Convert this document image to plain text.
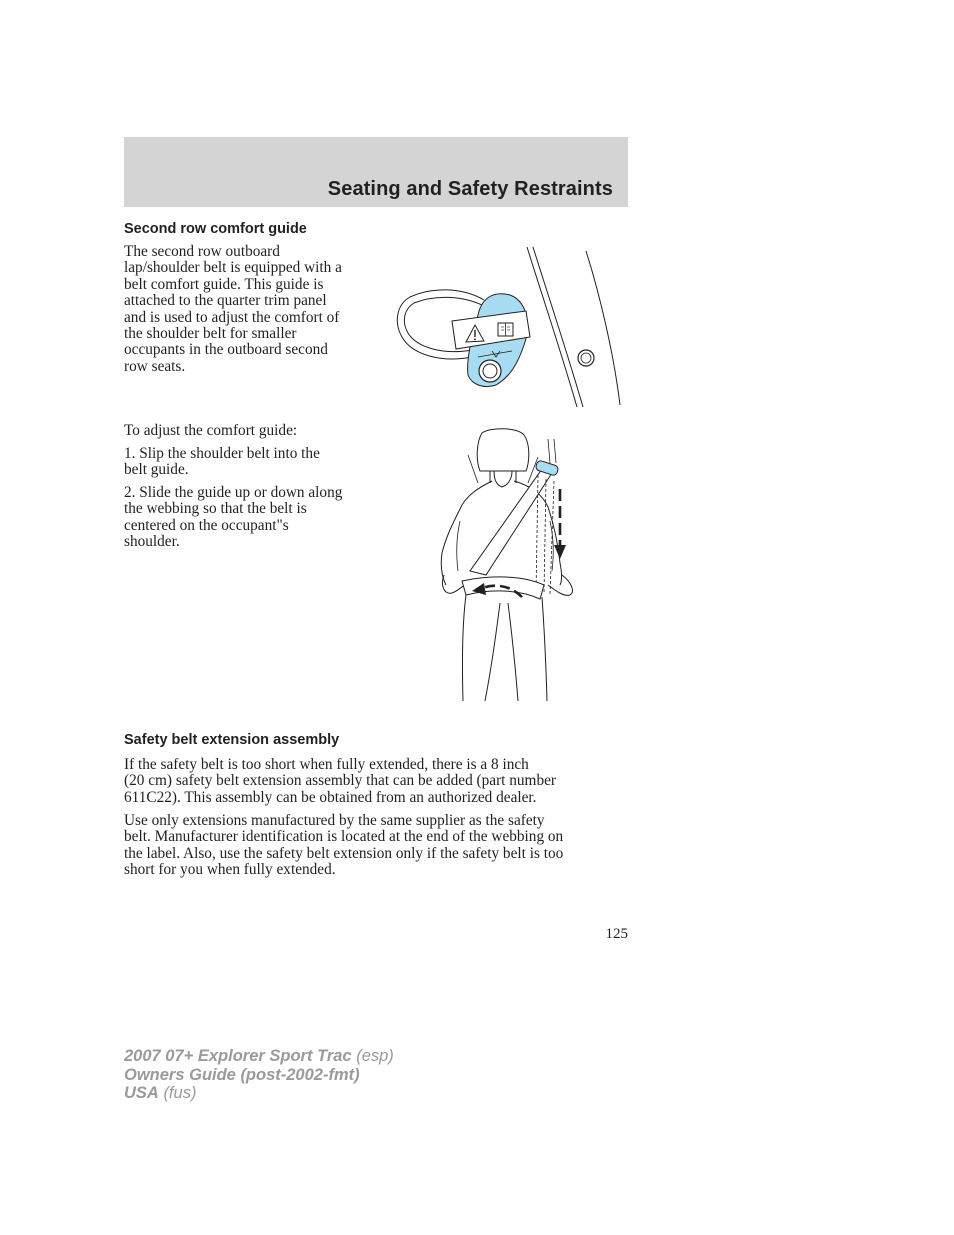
Seating and Safety Restraints
Second row comfort guide

The second row outboard
lap/shoulder belt is equipped with a
belt comfort guide. This guide is
attached to the quarter trim panel
and is used to adjust the comfort of
the shoulder belt for smaller
occupants in the outboard second
row seats.

To adjust the comfort guide:

1. Slip the shoulder belt into the
belt guide.

2. Slide the guide up or down along
the webbing so that the belt is
centered on the occupant"s
shoulder.

Safety belt extension assembly

If the safety belt is too short when fully extended, there is a 8 inch
(20 cm) safety belt extension assembly that can be added (part number
611C22). This assembly can be obtained from an authorized dealer.

Use only extensions manufactured by the same supplier as the safety
belt. Manufacturer identification is located at the end of the webbing on
the label. Also, use the safety belt extension only if the safety belt is too
short for you when fully extended.

125

2007 07+ Explorer Sport Trac (esp)
Owners Guide (post-2002-fmt)
USA (fus)
